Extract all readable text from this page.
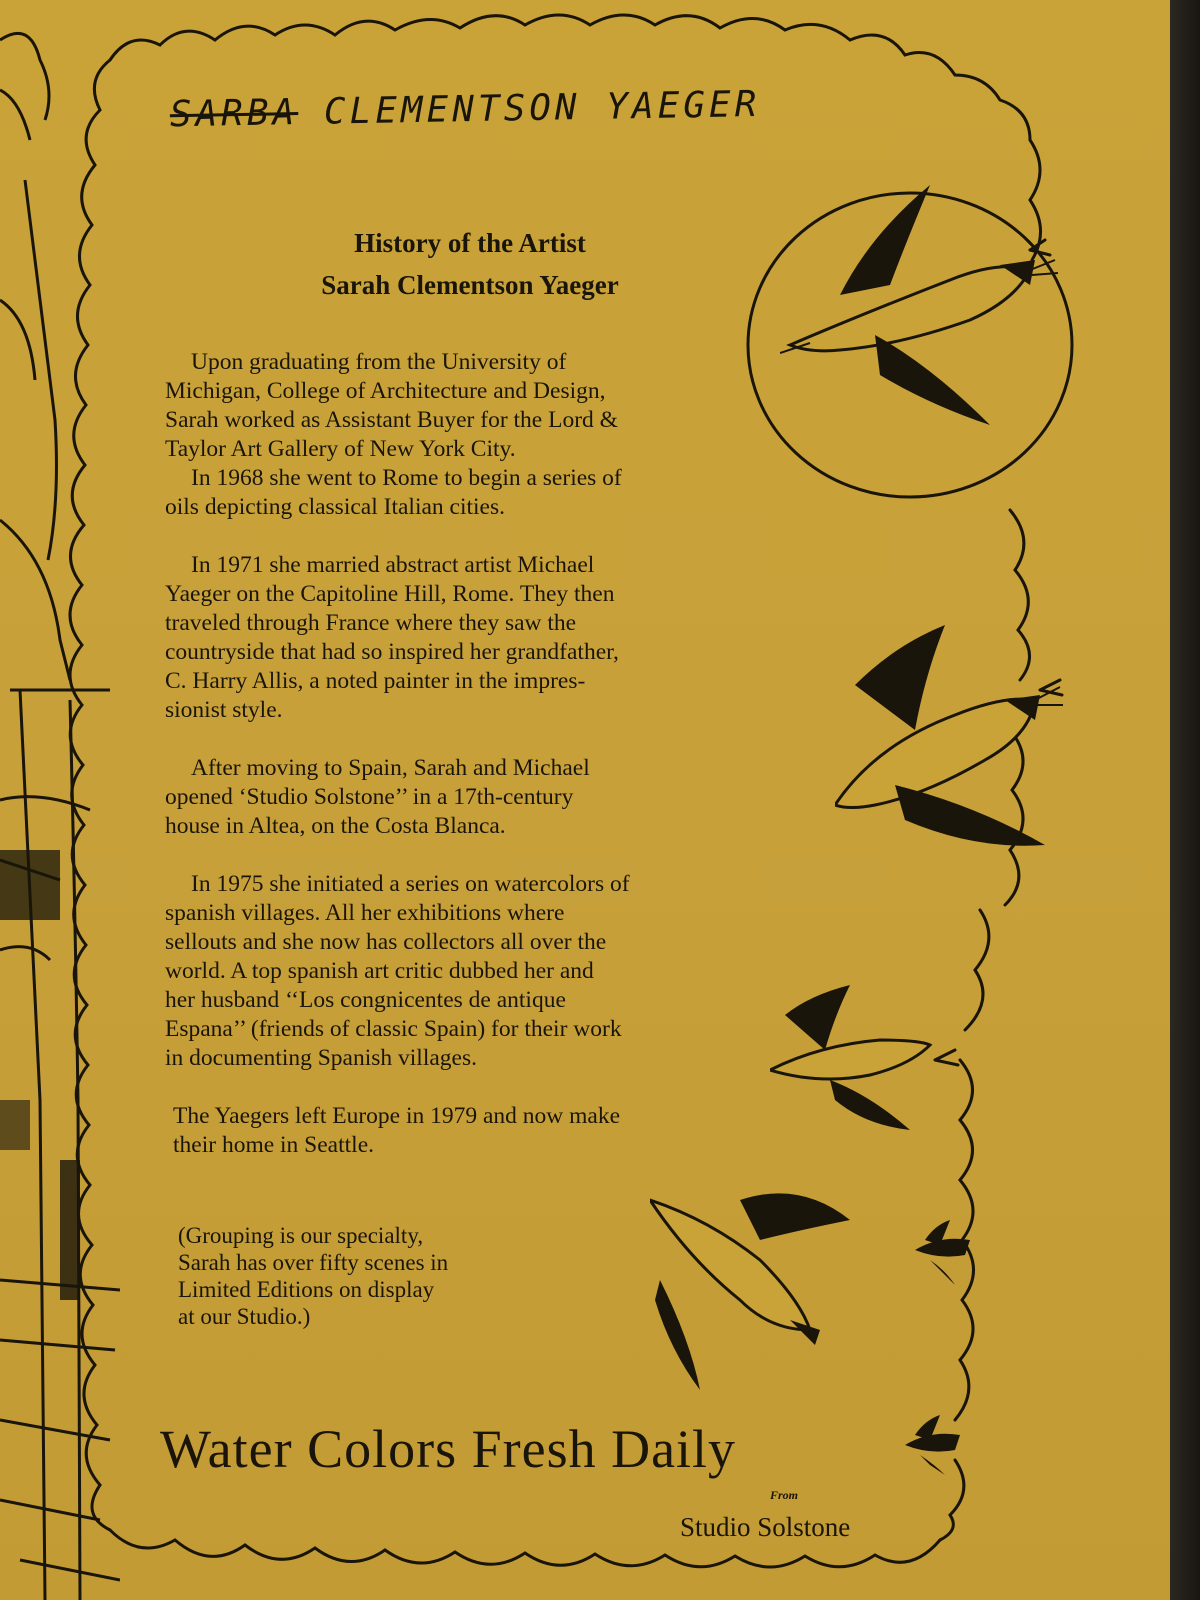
SARBA CLEMENTSON YAEGER
History of the Artist
Sarah Clementson Yaeger

Upon graduating from the University of

Michigan, College of Architecture and Design,
Sarah worked as Assistant Buyer for the Lord &
Taylor Art Gallery of New York City.

In 1968 she went to Rome to begin a series of

oils depicting classical Italian cities.

In 1971 she married abstract artist Michael

Yaeger on the Capitoline Hill, Rome. They then
traveled through France where they saw the
countryside that had so inspired her grandfather,
C. Harry Allis, a noted painter in the impres-
sionist style.

After moving to Spain, Sarah and Michael

opened ‘Studio Solstone’’ in a 17th-century
house in Altea, on the Costa Blanca.

In 1975 she initiated a series on watercolors of

spanish villages. All her exhibitions where
sellouts and she now has collectors all over the
world. A top spanish art critic dubbed her and
her husband ‘‘Los congnicentes de antique
Espana’’ (friends of classic Spain) for their work
in documenting Spanish villages.

The Yaegers left Europe in 1979 and now make

their home in Seattle.

(Grouping is our specialty,

Sarah has over fifty scenes in

Limited Editions on display

at our Studio.)

Water Colors Fresh Daily
From
Studio Solstone
